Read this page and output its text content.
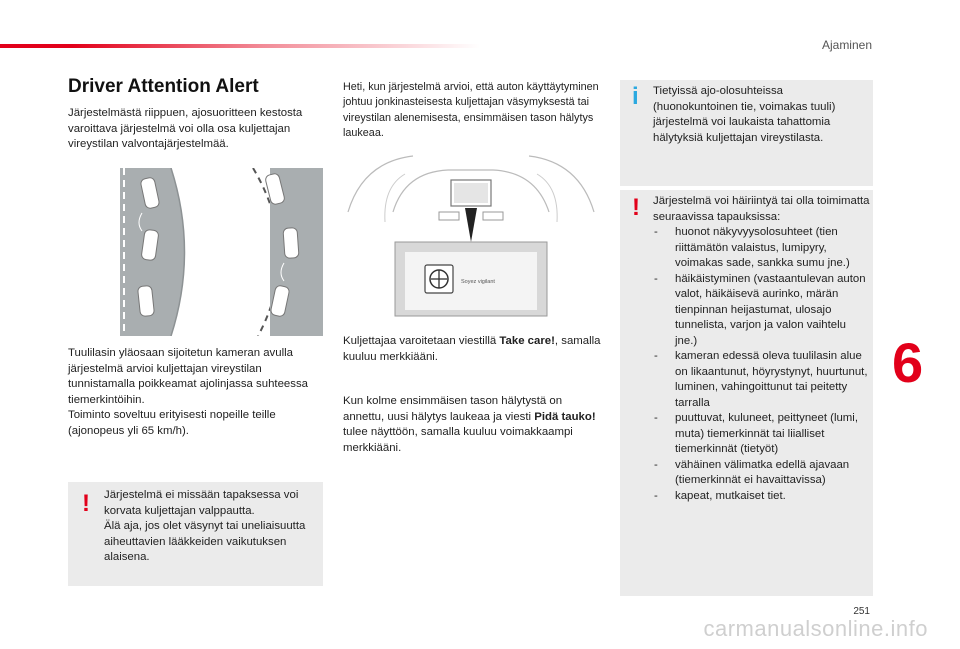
Ajaminen
Driver Attention Alert
Järjestelmästä riippuen, ajosuoritteen kestosta varoittava järjestelmä voi olla osa kuljettajan vireystilan valvontajärjestelmää.
Tuulilasin yläosaan sijoitetun kameran avulla järjestelmä arvioi kuljettajan vireystilan tunnistamalla poikkeamat ajolinjassa suhteessa tiemerkintöihin.
Toiminto soveltuu erityisesti nopeille teille (ajonopeus yli 65 km/h).
! Järjestelmä ei missään tapaksessa voi korvata kuljettajan valppautta.
Älä aja, jos olet väsynyt tai uneliaisuutta aiheuttavien lääkkeiden vaikutuksen alaisena.
Heti, kun järjestelmä arvioi, että auton käyttäytyminen johtuu jonkinasteisesta kuljettajan väsymyksestä tai vireystilan alenemisesta, ensimmäisen tason hälytys laukeaa.
Soyez vigilant
Kuljettajaa varoitetaan viestillä Take care!, samalla kuuluu merkkiääni.
Kun kolme ensimmäisen tason hälytystä on annettu, uusi hälytys laukeaa ja viesti Pidä tauko! tulee näyttöön, samalla kuuluu voimakkaampi merkkiääni.
i Tietyissä ajo-olosuhteissa (huonokuntoinen tie, voimakas tuuli) järjestelmä voi laukaista tahattomia hälytyksiä kuljettajan vireystilasta.
! Järjestelmä voi häiriintyä tai olla toimimatta seuraavissa tapauksissa:
- huonot näkyvyysolosuhteet (tien riittämätön valaistus, lumipyry, voimakas sade, sankka sumu jne.)
- häikäistyminen (vastaantulevan auton valot, häikäisevä aurinko, märän tienpinnan heijastumat, ulosajo tunnelista, varjon ja valon vaihtelu jne.)
- kameran edessä oleva tuulilasin alue on likaantunut, höyrystynyt, huurtunut, luminen, vahingoittunut tai peitetty tarralla
- puuttuvat, kuluneet, peittyneet (lumi, muta) tiemerkinnät tai liialliset tiemerkinnät (tietyöt)
- vähäinen välimatka edellä ajavaan (tiemerkinnät ei havaittavissa)
- kapeat, mutkaiset tiet.
6
251
carmanualsonline.info
